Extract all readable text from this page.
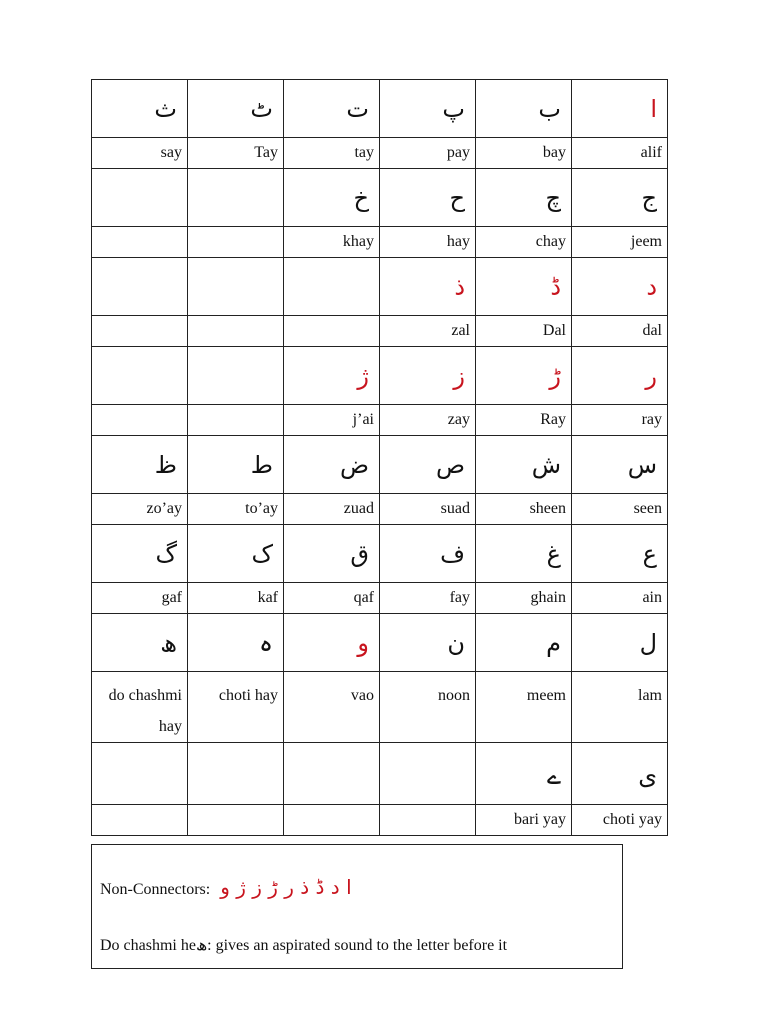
ث	ٹ	ت	پ	ب	ا
say	Tay	tay	pay	bay	alif
		خ	ح	چ	ج
		khay	hay	chay	jeem
			ذ	ڈ	د
			zal	Dal	dal
		ژ	ز	ڑ	ر
		j’ai	zay	Ray	ray
ظ	ط	ض	ص	ش	س
zo’ay	to’ay	zuad	suad	sheen	seen
گ	ک	ق	ف	غ	ع
gaf	kaf	qaf	fay	ghain	ain
ھ	ہ	و	ن	م	ل
do chashmi hay	choti hay	vao	noon	meem	lam
				ے	ی
				bari yay	choti yay
Non-Connectors: ا د ڈ ذ ر ڑ ز ژ و
Do chashmi heھ: gives an aspirated sound to the letter before it
